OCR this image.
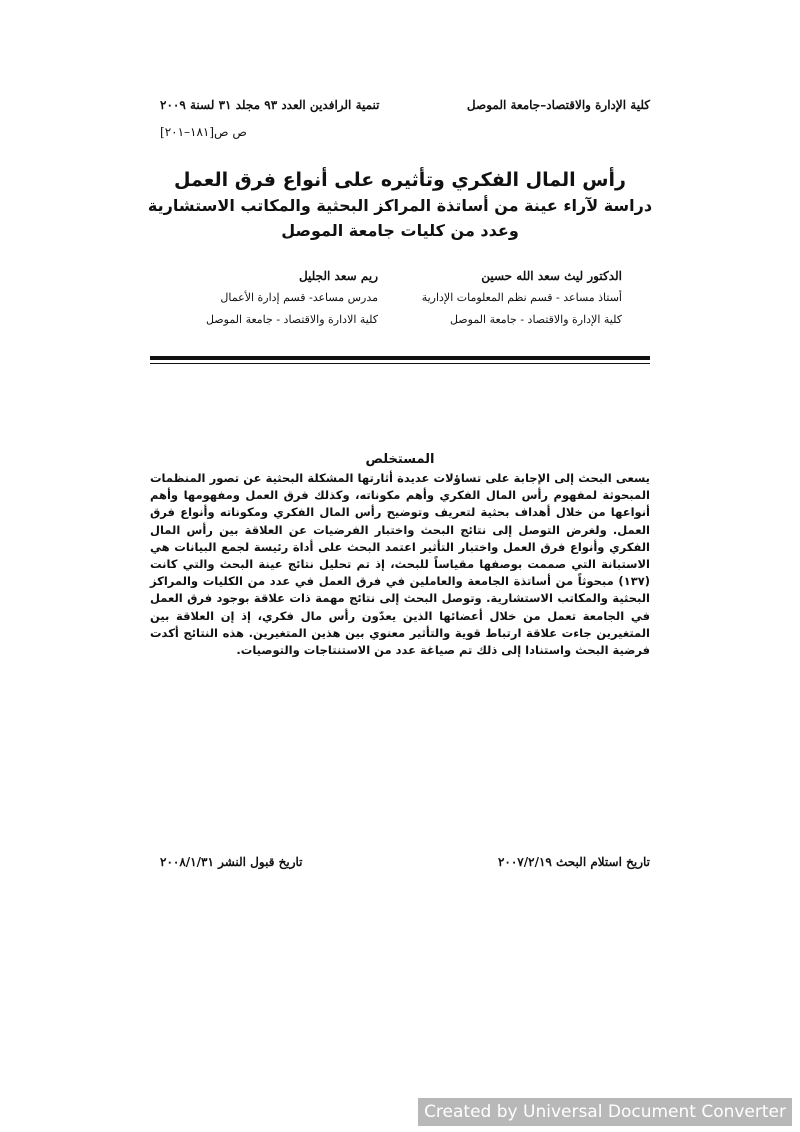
كلية الإدارة والاقتصاد–جامعة الموصل
تنمية الرافدين العدد ٩٣ مجلد ٣١ لسنة ٢٠٠٩
ص ص[١٨١–٢٠١]
رأس المال الفكري وتأثيره على أنواع فرق العمل
دراسة لآراء عينة من أساتذة المراكز البحثية والمكاتب الاستشارية
وعدد من كليات جامعة الموصل
الدكتور ليث سعد الله حسين
أستاذ مساعد - قسم نظم المعلومات الإدارية
كلية الإدارة والاقتصاد - جامعة الموصل
ريم سعد الجليل
مدرس مساعد- قسم إدارة الأعمال
كلية الادارة والاقتصاد - جامعة الموصل
المستخلص
يسعى البحث إلى الإجابة على تساؤلات عديدة أثارتها المشكلة البحثية عن تصور المنظمات المبحوثة لمفهوم رأس المال الفكري وأهم مكوناته، وكذلك فرق العمل ومفهومها وأهم أنواعها من خلال أهداف بحثية لتعريف وتوضيح رأس المال الفكري ومكوناته وأنواع فرق العمل. ولغرض التوصل إلى نتائج البحث واختبار الفرضيات عن العلاقة بين رأس المال الفكري وأنواع فرق العمل واختبار التأثير اعتمد البحث على أداة رئيسة لجمع البيانات هي الاستبانة التي صممت بوصفها مقياساً للبحث، إذ تم تحليل نتائج عينة البحث والتي كانت (١٣٧) مبحوثاً من أساتذة الجامعة والعاملين في فرق العمل في عدد من الكليات والمراكز البحثية والمكاتب الاستشارية. وتوصل البحث إلى نتائج مهمة ذات علاقة بوجود فرق العمل في الجامعة تعمل من خلال أعضائها الذين يعدّون رأس مال فكري، إذ إن العلاقة بين المتغيرين جاءت علاقة ارتباط قوية والتأثير معنوي بين هذين المتغيرين. هذه النتائج أكدت فرضية البحث واستنادا إلى ذلك تم صياغة عدد من الاستنتاجات والتوصيات.
تاريخ استلام البحث ٢٠٠٧/٢/١٩
تاريخ قبول النشر ٢٠٠٨/١/٣١
Created by Universal Document Converter
